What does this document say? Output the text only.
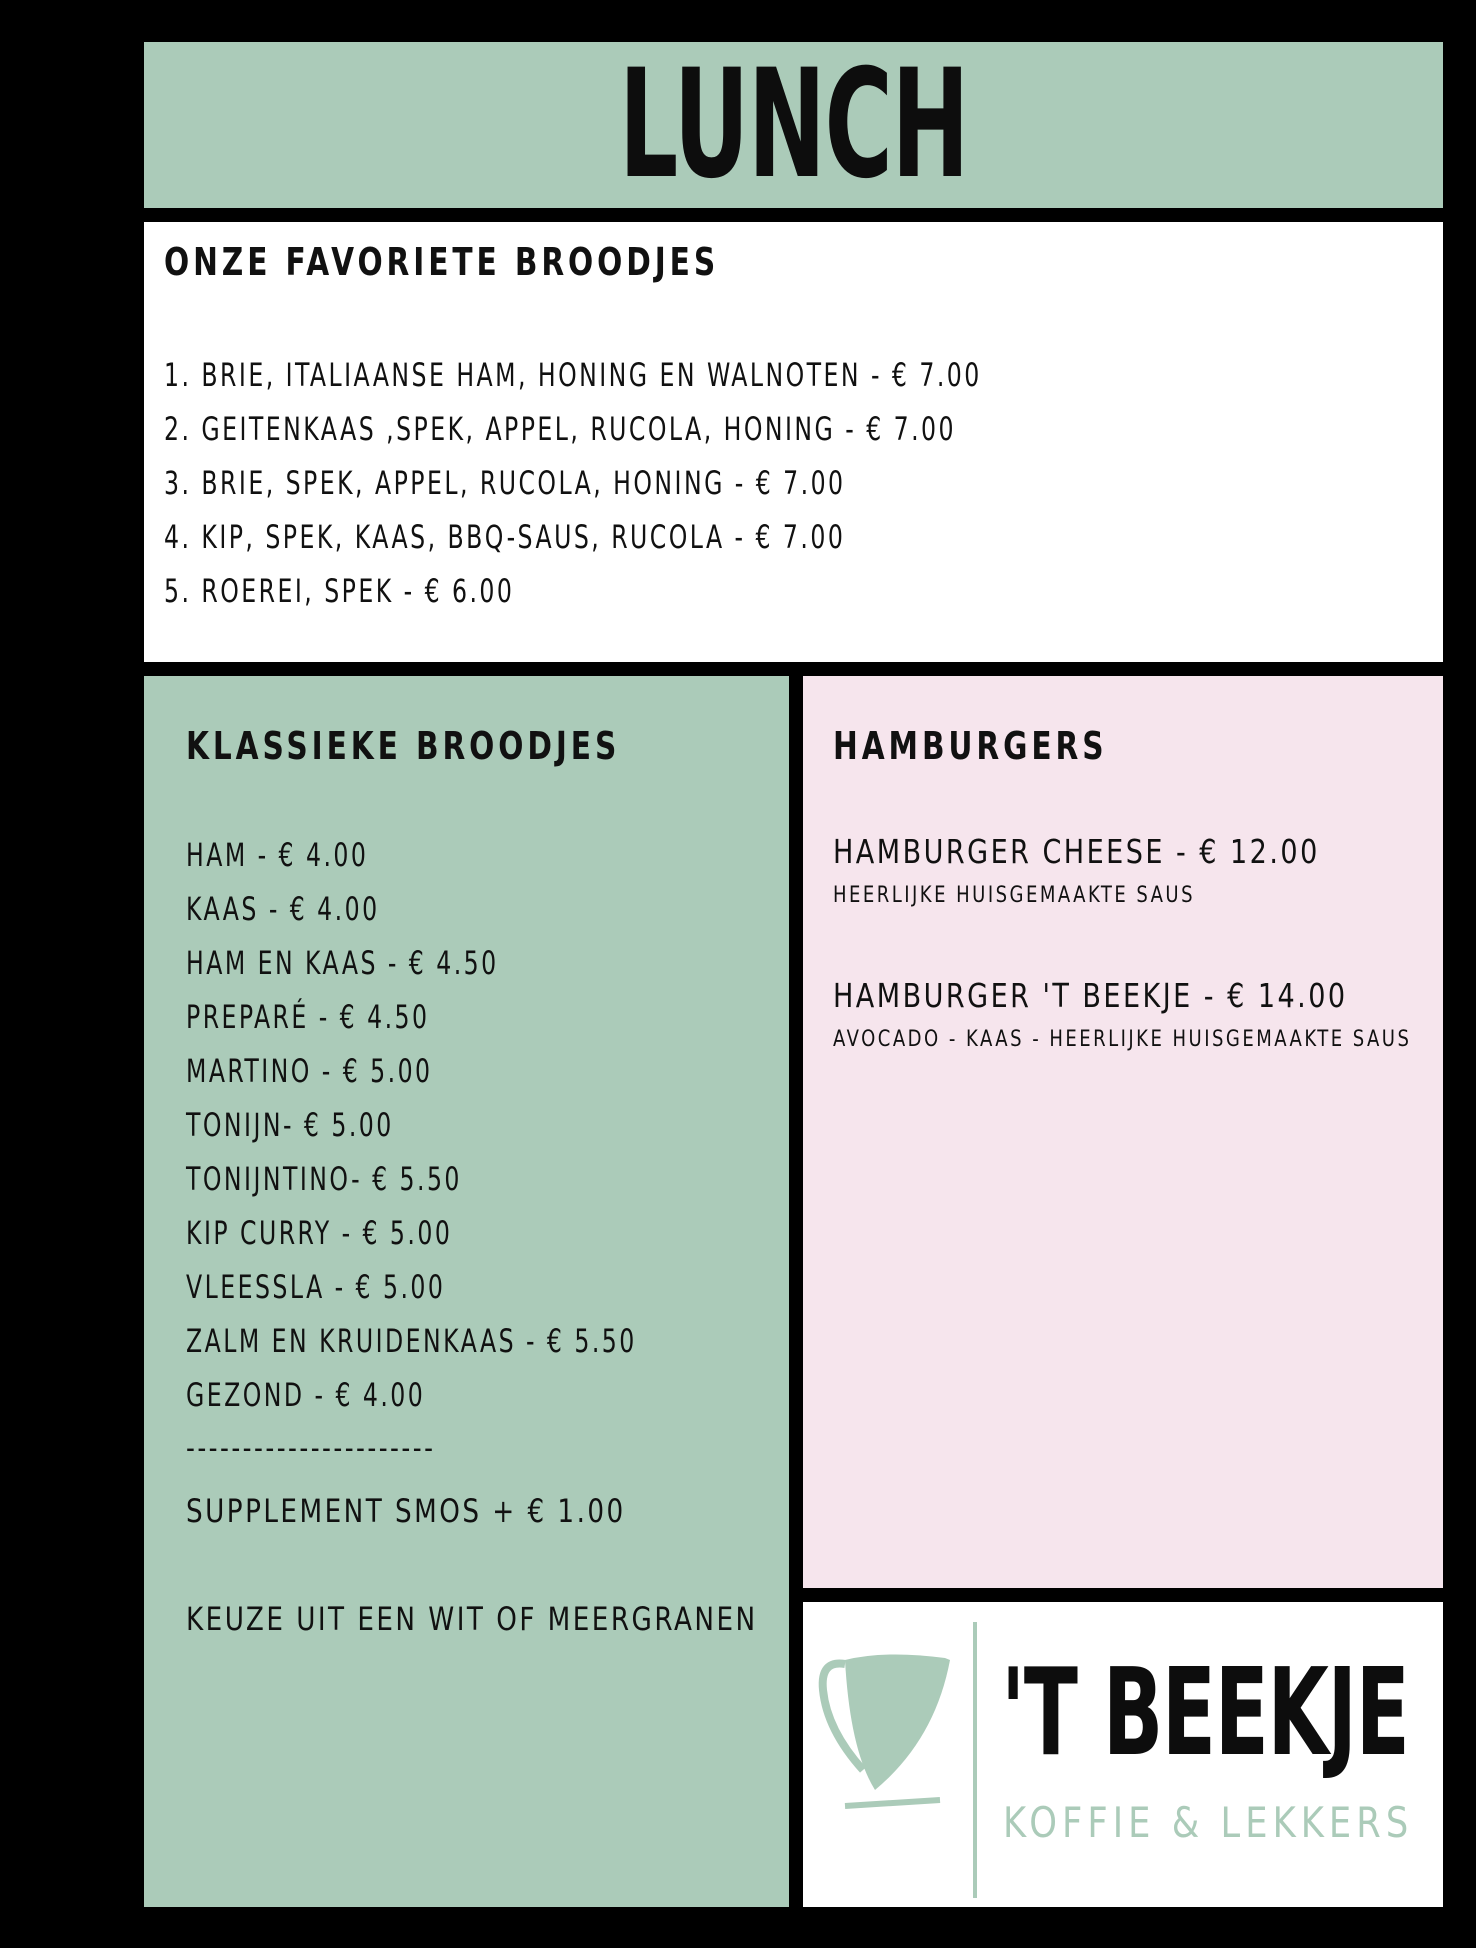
LUNCH
ONZE FAVORIETE BROODJES
1. BRIE, ITALIAANSE HAM, HONING EN WALNOTEN - € 7.00
2. GEITENKAAS ,SPEK, APPEL, RUCOLA, HONING - € 7.00
3. BRIE, SPEK, APPEL, RUCOLA, HONING - € 7.00
4. KIP, SPEK, KAAS, BBQ-SAUS, RUCOLA - € 7.00
5. ROEREI, SPEK - € 6.00
KLASSIEKE BROODJES
HAM - € 4.00
KAAS - € 4.00
HAM EN KAAS - € 4.50
PREPARÉ - € 4.50
MARTINO - € 5.00
TONIJN- € 5.00
TONIJNTINO- € 5.50
KIP CURRY - € 5.00
VLEESSLA - € 5.00
ZALM EN KRUIDENKAAS - € 5.50
GEZOND - € 4.00
----------------------
SUPPLEMENT SMOS + € 1.00
KEUZE UIT EEN WIT OF MEERGRANEN
HAMBURGERS
HAMBURGER CHEESE - € 12.00
HEERLIJKE HUISGEMAAKTE SAUS
HAMBURGER 'T BEEKJE - € 14.00
AVOCADO - KAAS - HEERLIJKE HUISGEMAAKTE SAUS
'T BEEKJE
KOFFIE & LEKKERS
